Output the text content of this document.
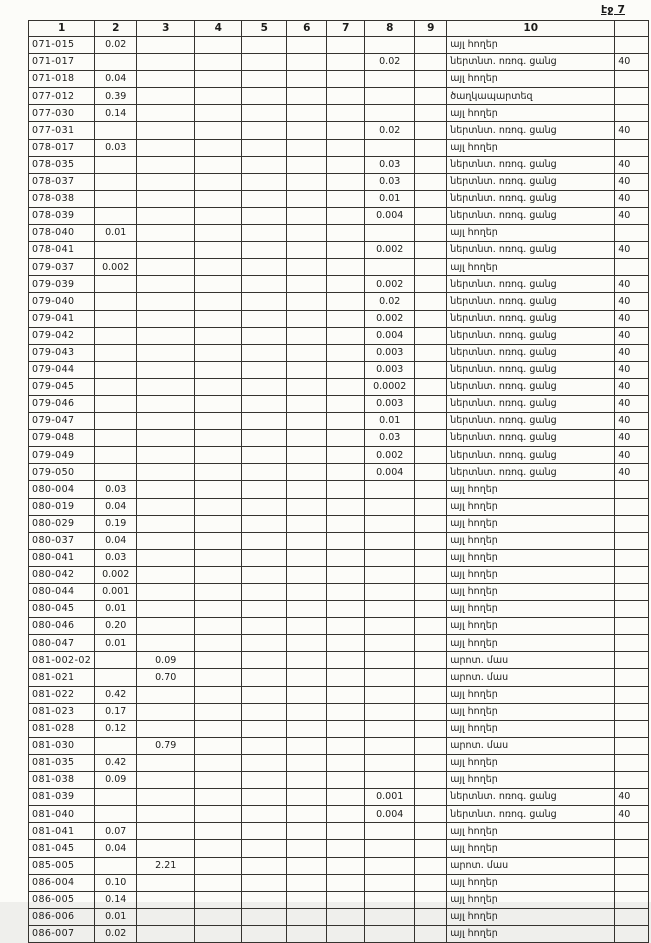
էջ 7
1	2	3	4	5	6	7	8	9	10	
071-015	0.02								այլ հողեր	
071-017							0.02		ներտնտ. ոռոգ. ցանց	40
071-018	0.04								այլ հողեր	
077-012	0.39								ծաղկապարտեզ	
077-030	0.14								այլ հողեր	
077-031							0.02		ներտնտ. ոռոգ. ցանց	40
078-017	0.03								այլ հողեր	
078-035							0.03		ներտնտ. ոռոգ. ցանց	40
078-037							0.03		ներտնտ. ոռոգ. ցանց	40
078-038							0.01		ներտնտ. ոռոգ. ցանց	40
078-039							0.004		ներտնտ. ոռոգ. ցանց	40
078-040	0.01								այլ հողեր	
078-041							0.002		ներտնտ. ոռոգ. ցանց	40
079-037	0.002								այլ հողեր	
079-039							0.002		ներտնտ. ոռոգ. ցանց	40
079-040							0.02		ներտնտ. ոռոգ. ցանց	40
079-041							0.002		ներտնտ. ոռոգ. ցանց	40
079-042							0.004		ներտնտ. ոռոգ. ցանց	40
079-043							0.003		ներտնտ. ոռոգ. ցանց	40
079-044							0.003		ներտնտ. ոռոգ. ցանց	40
079-045							0.0002		ներտնտ. ոռոգ. ցանց	40
079-046							0.003		ներտնտ. ոռոգ. ցանց	40
079-047							0.01		ներտնտ. ոռոգ. ցանց	40
079-048							0.03		ներտնտ. ոռոգ. ցանց	40
079-049							0.002		ներտնտ. ոռոգ. ցանց	40
079-050							0.004		ներտնտ. ոռոգ. ցանց	40
080-004	0.03								այլ հողեր	
080-019	0.04								այլ հողեր	
080-029	0.19								այլ հողեր	
080-037	0.04								այլ հողեր	
080-041	0.03								այլ հողեր	
080-042	0.002								այլ հողեր	
080-044	0.001								այլ հողեր	
080-045	0.01								այլ հողեր	
080-046	0.20								այլ հողեր	
080-047	0.01								այլ հողեր	
081-002-02		0.09							արոտ. մաս	
081-021		0.70							արոտ. մաս	
081-022	0.42								այլ հողեր	
081-023	0.17								այլ հողեր	
081-028	0.12								այլ հողեր	
081-030		0.79							արոտ. մաս	
081-035	0.42								այլ հողեր	
081-038	0.09								այլ հողեր	
081-039							0.001		ներտնտ. ոռոգ. ցանց	40
081-040							0.004		ներտնտ. ոռոգ. ցանց	40
081-041	0.07								այլ հողեր	
081-045	0.04								այլ հողեր	
085-005		2.21							արոտ. մաս	
086-004	0.10								այլ հողեր	
086-005	0.14								այլ հողեր	
086-006	0.01								այլ հողեր	
086-007	0.02								այլ հողեր	
